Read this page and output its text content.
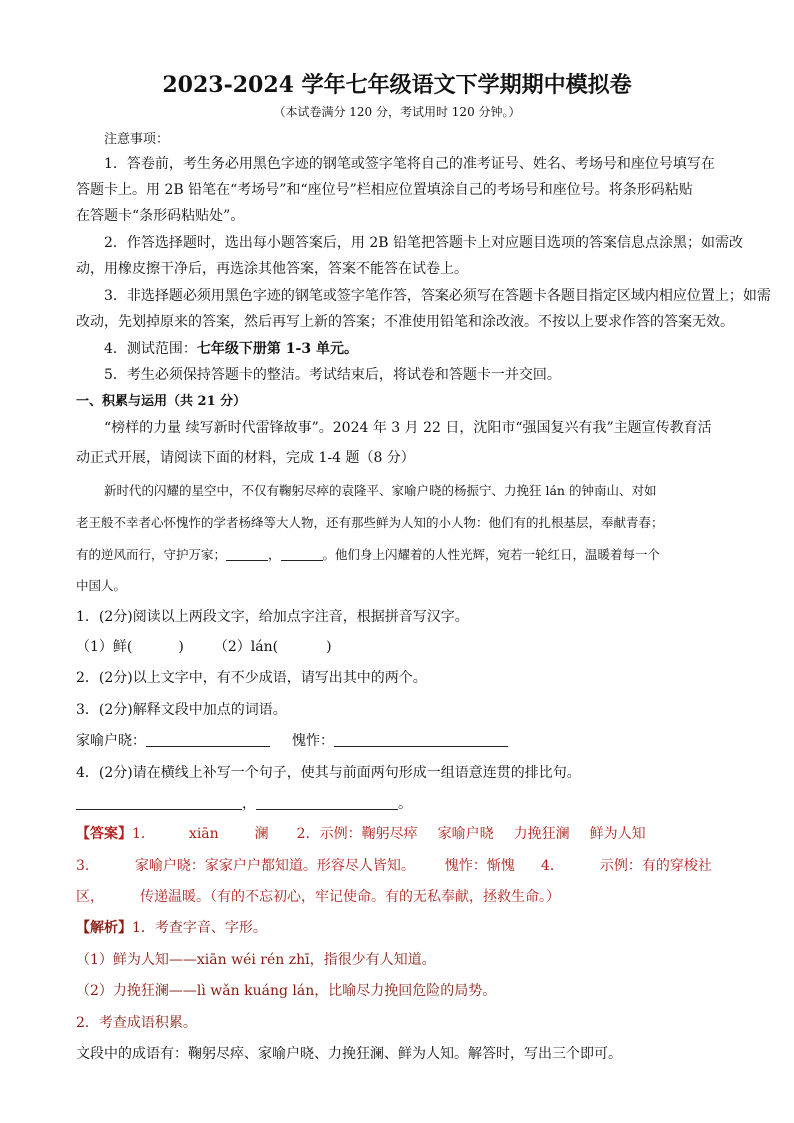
2023-2024 学年七年级语文下学期期中模拟卷
（本试卷满分 120 分，考试用时 120 分钟。）
注意事项：
1．答卷前，考生务必用黑色字迹的钢笔或签字笔将自己的准考证号、姓名、考场号和座位号填写在
答题卡上。用 2B 铅笔在“考场号”和“座位号”栏相应位置填涂自己的考场号和座位号。将条形码粘贴
在答题卡“条形码粘贴处”。
2．作答选择题时，选出每小题答案后，用 2B 铅笔把答题卡上对应题目选项的答案信息点涂黑；如需改
动，用橡皮擦干净后，再选涂其他答案，答案不能答在试卷上。
3．非选择题必须用黑色字迹的钢笔或签字笔作答，答案必须写在答题卡各题目指定区域内相应位置上；如需
改动，先划掉原来的答案，然后再写上新的答案；不准使用铅笔和涂改液。不按以上要求作答的答案无效。
4．测试范围：七年级下册第 1-3 单元。
5．考生必须保持答题卡的整洁。考试结束后，将试卷和答题卡一并交回。
一、积累与运用（共 21 分）
“榜样的力量 续写新时代雷锋故事”。2024 年 3 月 22 日，沈阳市“强国复兴有我”主题宣传教育活
动正式开展，请阅读下面的材料，完成 1-4 题（8 分）
新时代的闪耀的星空中，不仅有鞠躬尽瘁的袁隆平、家喻户晓的杨振宁、力挽狂 lán 的钟南山、对如
老王般不幸者心怀愧怍的学者杨绛等大人物，还有那些鲜为人知的小人物：他们有的扎根基层，奉献青春；
有的逆风而行，守护万家；	，	。他们身上闪耀着的人性光辉，宛若一轮红日，温暖着每一个
中国人。
1．(2分)阅读以上两段文字，给加点字注音，根据拼音写汉字。
（1）鲜(	) （2）lán(	)
2．(2分)以上文字中，有不少成语，请写出其中的两个。
3．(2分)解释文段中加点的词语。
家喻户晓：	愧怍：
4．(2分)请在横线上补写一个句子，使其与前面两句形成一组语意连贯的排比句。
，	。
【答案】1． xiān	澜 2．示例：鞠躬尽瘁 家喻户晓 力挽狂澜 鲜为人知
3．	家喻户晓：家家户户都知道。形容尽人皆知。 愧怍：惭愧 4．	示例：有的穿梭社
区，	传递温暖。（有的不忘初心，牢记使命。有的无私奉献，拯救生命。）
【解析】1．考查字音、字形。
（1）鲜为人知——xiān wéi rén zhī，指很少有人知道。
（2）力挽狂澜——lì wǎn kuáng lán，比喻尽力挽回危险的局势。
2．考查成语积累。
文段中的成语有：鞠躬尽瘁、家喻户晓、力挽狂澜、鲜为人知。解答时，写出三个即可。
